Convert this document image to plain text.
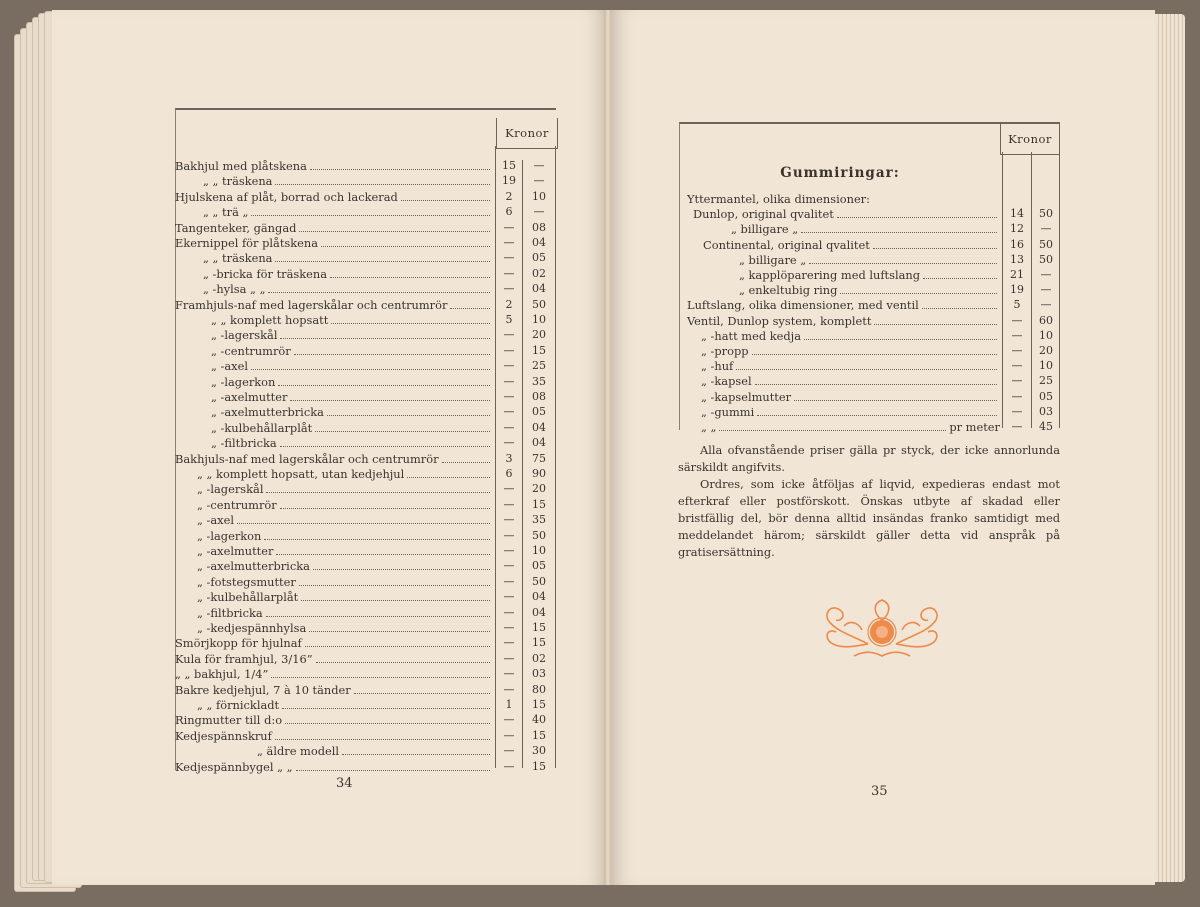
Kronor
Bakhjul med plåtskena	15	—
„ „ träskena	19	—
Hjulskena af plåt, borrad och lackerad	2	10
„ „ trä „	6	—
Tangenteker, gängad	—	08
Ekernippel för plåtskena	—	04
„ „ träskena	—	05
„ -bricka för träskena	—	02
„ -hylsa „ „	—	04
Framhjuls-naf med lagerskålar och centrumrör	2	50
„ „ komplett hopsatt	5	10
„ -lagerskål	—	20
„ -centrumrör	—	15
„ -axel	—	25
„ -lagerkon	—	35
„ -axelmutter	—	08
„ -axelmutterbricka	—	05
„ -kulbehållarplåt	—	04
„ -filtbricka	—	04
Bakhjuls-naf med lagerskålar och centrumrör	3	75
„ „ komplett hopsatt, utan kedjehjul	6	90
„ -lagerskål	—	20
„ -centrumrör	—	15
„ -axel	—	35
„ -lagerkon	—	50
„ -axelmutter	—	10
„ -axelmutterbricka	—	05
„ -fotstegsmutter	—	50
„ -kulbehållarplåt	—	04
„ -filtbricka	—	04
„ -kedjespännhylsa	—	15
Smörjkopp för hjulnaf	—	15
Kula för framhjul, 3/16”	—	02
„ „ bakhjul, 1/4”	—	03
Bakre kedjehjul, 7 à 10 tänder	—	80
„ „ förnickladt	1	15
Ringmutter till d:o	—	40
Kedjespännskruf	—	15
„ äldre modell	—	30
Kedjespännbygel „ „	—	15
34
Kronor
Gummiringar:
Yttermantel, olika dimensioner:
Dunlop, original qvalitet	14	50
„ billigare „	12	—
Continental, original qvalitet	16	50
„ billigare „	13	50
„ kapplöparering med luftslang	21	—
„ enkeltubig ring	19	—
Luftslang, olika dimensioner, med ventil	5	—
Ventil, Dunlop system, komplett	—	60
„ -hatt med kedja	—	10
„ -propp	—	20
„ -huf	—	10
„ -kapsel	—	25
„ -kapselmutter	—	05
„ -gummi	—	03
„ „	pr meter	—	45

Alla ofvanstående priser gälla pr styck, der icke annorlunda särskildt angifvits.

Ordres, som icke åtföljas af liqvid, expedieras endast mot efterkraf eller postförskott. Önskas utbyte af skadad eller bristfällig del, bör denna alltid insändas franko samtidigt med meddelandet härom; särskildt gäller detta vid anspråk på gratisersättning.

35
